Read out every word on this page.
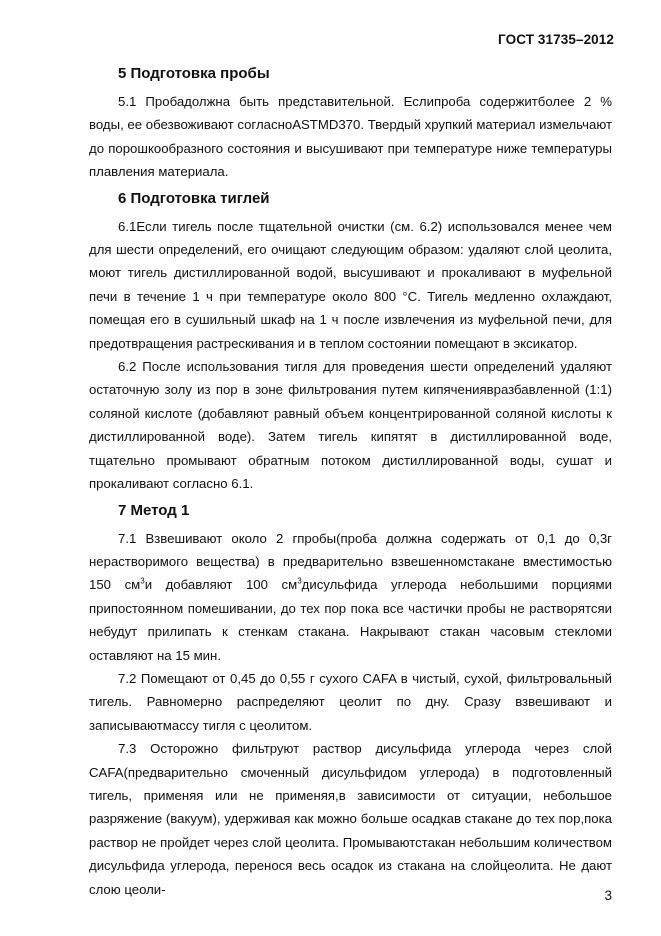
ГОСТ 31735–2012
5 Подготовка пробы

5.1 Пробадолжна быть представительной. Еслипроба содержитболее 2 % воды, ее обезвоживают согласноASTMD370. Твердый хрупкий материал измельчают до порошкообразного состояния и высушивают при температуре ниже температуры плавления материала.

6 Подготовка тиглей

6.1Если тигель после тщательной очистки (см. 6.2) использовался менее чем для шести определений, его очищают следующим образом: удаляют слой цеолита, моют тигель дистиллированной водой, высушивают и прокаливают в муфельной печи в течение 1 ч при температуре около 800 °С. Тигель медленно охлаждают, помещая его в сушильный шкаф на 1 ч после извлечения из муфельной печи, для предотвращения растрескивания и в теплом состоянии помещают в эксикатор.

6.2 После использования тигля для проведения шести определений удаляют остаточную золу из пор в зоне фильтрования путем кипячениявразбавленной (1:1) соляной кислоте (добавляют равный объем концентрированной соляной кислоты к дистиллированной воде). Затем тигель кипятят в дистиллированной воде, тщательно промывают обратным потоком дистиллированной воды, сушат и прокаливают согласно 6.1.

7 Метод 1

7.1 Взвешивают около 2 гпробы(проба должна содержать от 0,1 до 0,3г нерастворимого вещества) в предварительно взвешенномстакане вместимостью 150 $см^3и$ добавляют 100 $см^3дисульфида$ углерода небольшими порциями припостоянном помешивании, до тех пор пока все частички пробы не растворятсяи небудут прилипать к стенкам стакана. Накрывают стакан часовым стекломи оставляют на 15 мин.

7.2 Помещают от 0,45 до 0,55 г сухого CAFA в чистый, сухой, фильтровальный тигель. Равномерно распределяют цеолит по дну. Сразу взвешивают и записываютмассу тигля с цеолитом.

7.3 Осторожно фильтруют раствор дисульфида углерода через слой CAFA(предварительно смоченный дисульфидом углерода) в подготовленный тигель, применяя или не применяя,в зависимости от ситуации, небольшое разряжение (вакуум), удерживая как можно больше осадкав стакане до тех пор,пока раствор не пройдет через слой цеолита. Промываютстакан небольшим количеством дисульфида углерода, перенося весь осадок из стакана на слойцеолита. Не дают слою цеоли-	3
